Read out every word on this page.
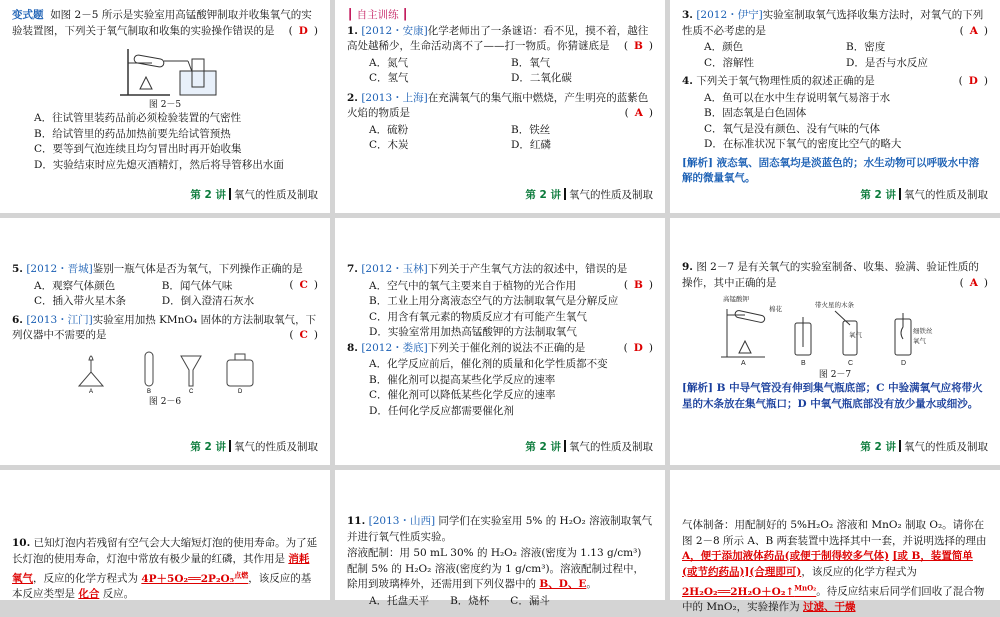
变式题 如图 2－5 所示是实验室用高锰酸钾制取并收集氧气的实验装置图，下列关于氧气制取和收集的实验操作错误的是 ( D )

图 2－5
A．往试管里装药品前必须检验装置的气密性
B．给试管里的药品加热前要先给试管预热
C．要等到气泡连续且均匀冒出时再开始收集
D．实验结束时应先熄灭酒精灯，然后将导管移出水面
第 2 讲 氧气的性质及制取
┃ 自主训练 ┃

1. [2012・安康]化学老师出了一条谜语：看不见，摸不着，越往高处越稀少，生命活动离不了——打一物质。你猜谜底是 ( B )

A．氮气	B．氧气
C．氢气	D．二氧化碳

2. [2013・上海]在充满氧气的集气瓶中燃烧，产生明亮的蓝紫色火焰的物质是	( A )

A．硫粉	B．铁丝
C．木炭	D．红磷
第 2 讲 氧气的性质及制取

3. [2012・伊宁]实验室制取氧气选择收集方法时，对氧气的下列性质不必考虑的是	( A )

A．颜色	B．密度
C．溶解性	D．是否与水反应

4. 下列关于氧气物理性质的叙述正确的是	( D )

A．鱼可以在水中生存说明氧气易溶于水
B．固态氧是白色固体
C．氧气是没有颜色、没有气味的气体
D．在标准状况下氧气的密度比空气的略大
[解析] 液态氧、固态氧均是淡蓝色的；水生动物可以呼吸水中溶解的微量氧气。
第 2 讲 氧气的性质及制取

5. [2012・晋城]鉴别一瓶气体是否为氧气，下列操作正确的是
( C )

A．观察气体颜色	B．闻气体气味
C．插入带火星木条	D．倒入澄清石灰水

6. [2013・江门]实验室用加热 KMnO₄ 固体的方法制取氧气，下列仪器中不需要的是	( C )

A	B	C	D
图 2－6
第 2 讲 氧气的性质及制取

7. [2012・玉林]下列关于产生氧气方法的叙述中，错误的是
( B )

A．空气中的氧气主要来自于植物的光合作用
B．工业上用分离液态空气的方法制取氧气是分解反应
C．用含有氧元素的物质反应才有可能产生氧气
D．实验室常用加热高锰酸钾的方法制取氧气

8. [2012・娄底]下列关于催化剂的说法不正确的是	( D )

A．化学反应前后，催化剂的质量和化学性质都不变
B．催化剂可以提高某些化学反应的速率
C．催化剂可以降低某些化学反应的速率
D．任何化学反应都需要催化剂
第 2 讲 氧气的性质及制取

9. 图 2－7 是有关氧气的实验室制备、收集、验满、验证性质的操作，其中正确的是	( A )

高锰酸钾
棉花
带火星的木条
氧气
细铁丝
氧气
A	B	C	D
图 2－7
[解析] B 中导气管没有伸到集气瓶底部；C 中验满氧气应将带火星的木条放在集气瓶口；D 中氧气瓶底部没有放少量水或细沙。
第 2 讲 氧气的性质及制取

10. 已知灯泡内若残留有空气会大大缩短灯泡的使用寿命。为了延长灯泡的使用寿命，灯泡中常放有极少量的红磷，其作用是 消耗氧气，反应的化学方程式为 4P＋5O₂══2P₂O₅$^{点燃}$，该反应的基本反应类型是 化合 反应。

11. [2013・山西] 同学们在实验室用 5% 的 H₂O₂ 溶液制取氧气并进行氧气性质实验。

溶液配制：用 50 mL 30% 的 H₂O₂ 溶液(密度为 1.13 g/cm³) 配制 5% 的 H₂O₂ 溶液(密度约为 1 g/cm³)。溶液配制过程中，除用到玻璃棒外，还需用到下列仪器中的 B、D、E。

A．托盘天平　　B．烧杯　　C．漏斗

气体制备：用配制好的 5%H₂O₂ 溶液和 MnO₂ 制取 O₂。请你在图 2－8 所示 A、B 两套装置中选择其中一套，并说明选择的理由 A，便于添加液体药品(或便于制得较多气体) [或 B，装置简单(或节约药品)](合理即可)，该反应的化学方程式为 2H₂O₂══2H₂O＋O₂↑$^{MnO_2}$。待反应结束后同学们回收了混合物中的 MnO₂，实验操作为 过滤、干燥
